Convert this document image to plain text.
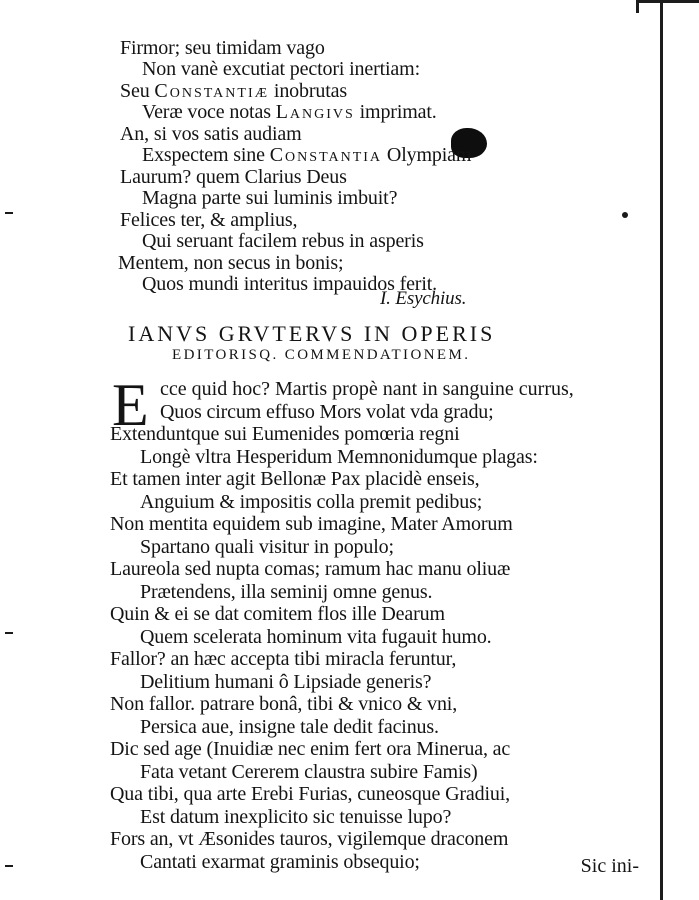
Firmor; seu timidam vago
Non vanè excutiat pectori inertiam:
Seu Constantiæ inobrutas
Veræ voce notas Langivs imprimat.
An, si vos satis audiam
Exspectem sine Constantia Olympiam
Laurum? quem Clarius Deus
Magna parte sui luminis imbuit?
Felices ter, & amplius,
Qui seruant facilem rebus in asperis
Mentem, non secus in bonis;
Quos mundi interitus impauidos ferit.
I. Esychius.
IANVS GRVTERVS IN OPERIS
EDITORISQ. COMMENDATIONEM.
E cce quid hoc? Martis propè nant in sanguine currus,
Quos circum effuso Mors volat vda gradu;
Extenduntque sui Eumenides pomœria regni
Longè vltra Hesperidum Memnonidumque plagas:
Et tamen inter agit Bellonæ Pax placidè enseis,
Anguium & impositis colla premit pedibus;
Non mentita equidem sub imagine, Mater Amorum
Spartano quali visitur in populo;
Laureola sed nupta comas; ramum hac manu oliuæ
Prætendens, illa seminij omne genus.
Quin & ei se dat comitem flos ille Dearum
Quem scelerata hominum vita fugauit humo.
Fallor? an hæc accepta tibi miracla feruntur,
Delitium humani ô Lipsiade generis?
Non fallor. patrare bonâ, tibi & vnico & vni,
Persica aue, insigne tale dedit facinus.
Dic sed age (Inuidiæ nec enim fert ora Minerua, ac
Fata vetant Cererem claustra subire Famis)
Qua tibi, qua arte Erebi Furias, cuneosque Gradiui,
Est datum inexplicito sic tenuisse lupo?
Fors an, vt Æsonides tauros, vigilemque draconem
Cantati exarmat graminis obsequio;	Sic ini-
